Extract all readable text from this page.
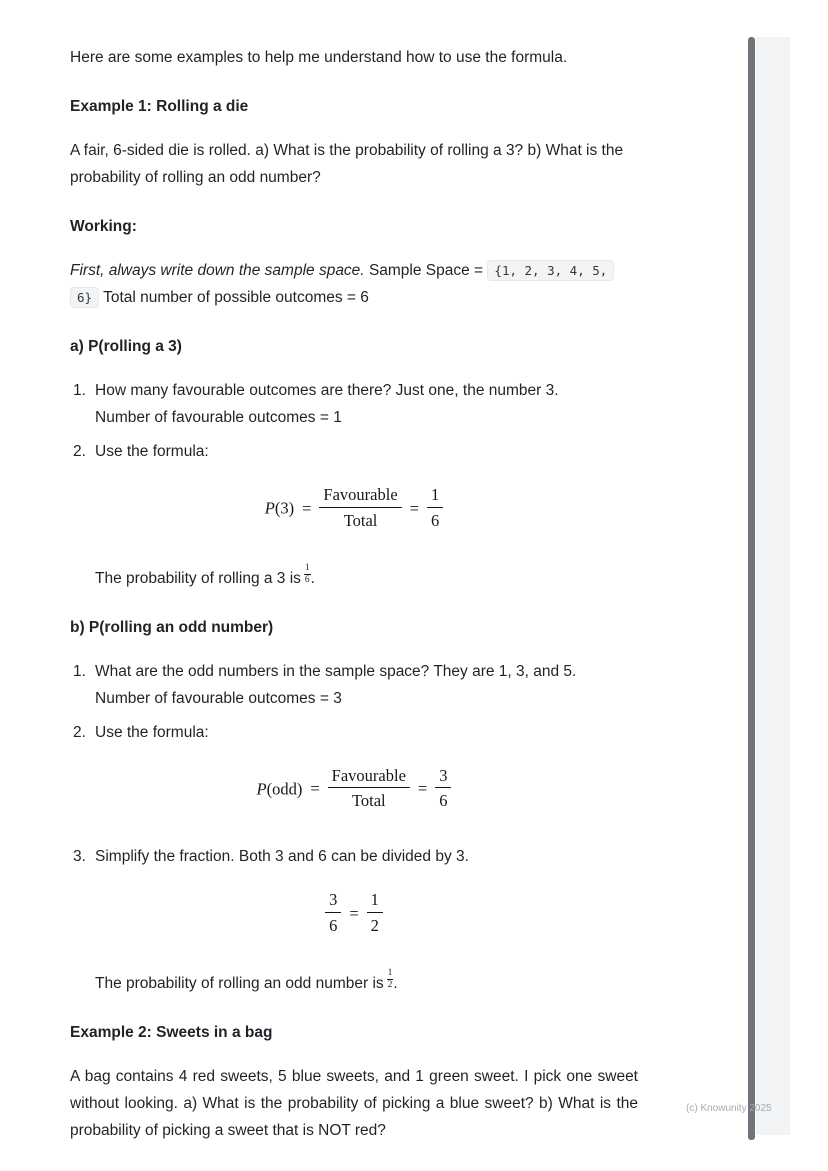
Here are some examples to help me understand how to use the formula.

Example 1: Rolling a die

A fair, 6-sided die is rolled. a) What is the probability of rolling a 3? b) What is the probability of rolling an odd number?

Working:

First, always write down the sample space. Sample Space = {1, 2, 3, 4, 5,
6} Total number of possible outcomes = 6

a) P(rolling a 3)
1. How many favourable outcomes are there? Just one, the number 3.
Number of favourable outcomes = 1
2. Use the formula:
$P(3) = \frac{\text{Favourable}}{\text{Total}} = \frac{1}{6}$

The probability of rolling a 3 is $\frac{1}{6}$ .

b) P(rolling an odd number)
1. What are the odd numbers in the sample space? They are 1, 3, and 5.
Number of favourable outcomes = 3
2. Use the formula:
$P(odd) = \frac{\text{Favourable}}{\text{Total}} = \frac{3}{6}$
3. Simplify the fraction. Both 3 and 6 can be divided by 3.
$\frac{3}{6} = \frac{1}{2}$

The probability of rolling an odd number is $\frac{1}{2}$ .

Example 2: Sweets in a bag

A bag contains 4 red sweets, 5 blue sweets, and 1 green sweet. I pick one sweet without looking. a) What is the probability of picking a blue sweet? b) What is the probability of picking a sweet that is NOT red?

(c) Knowunity 2025
